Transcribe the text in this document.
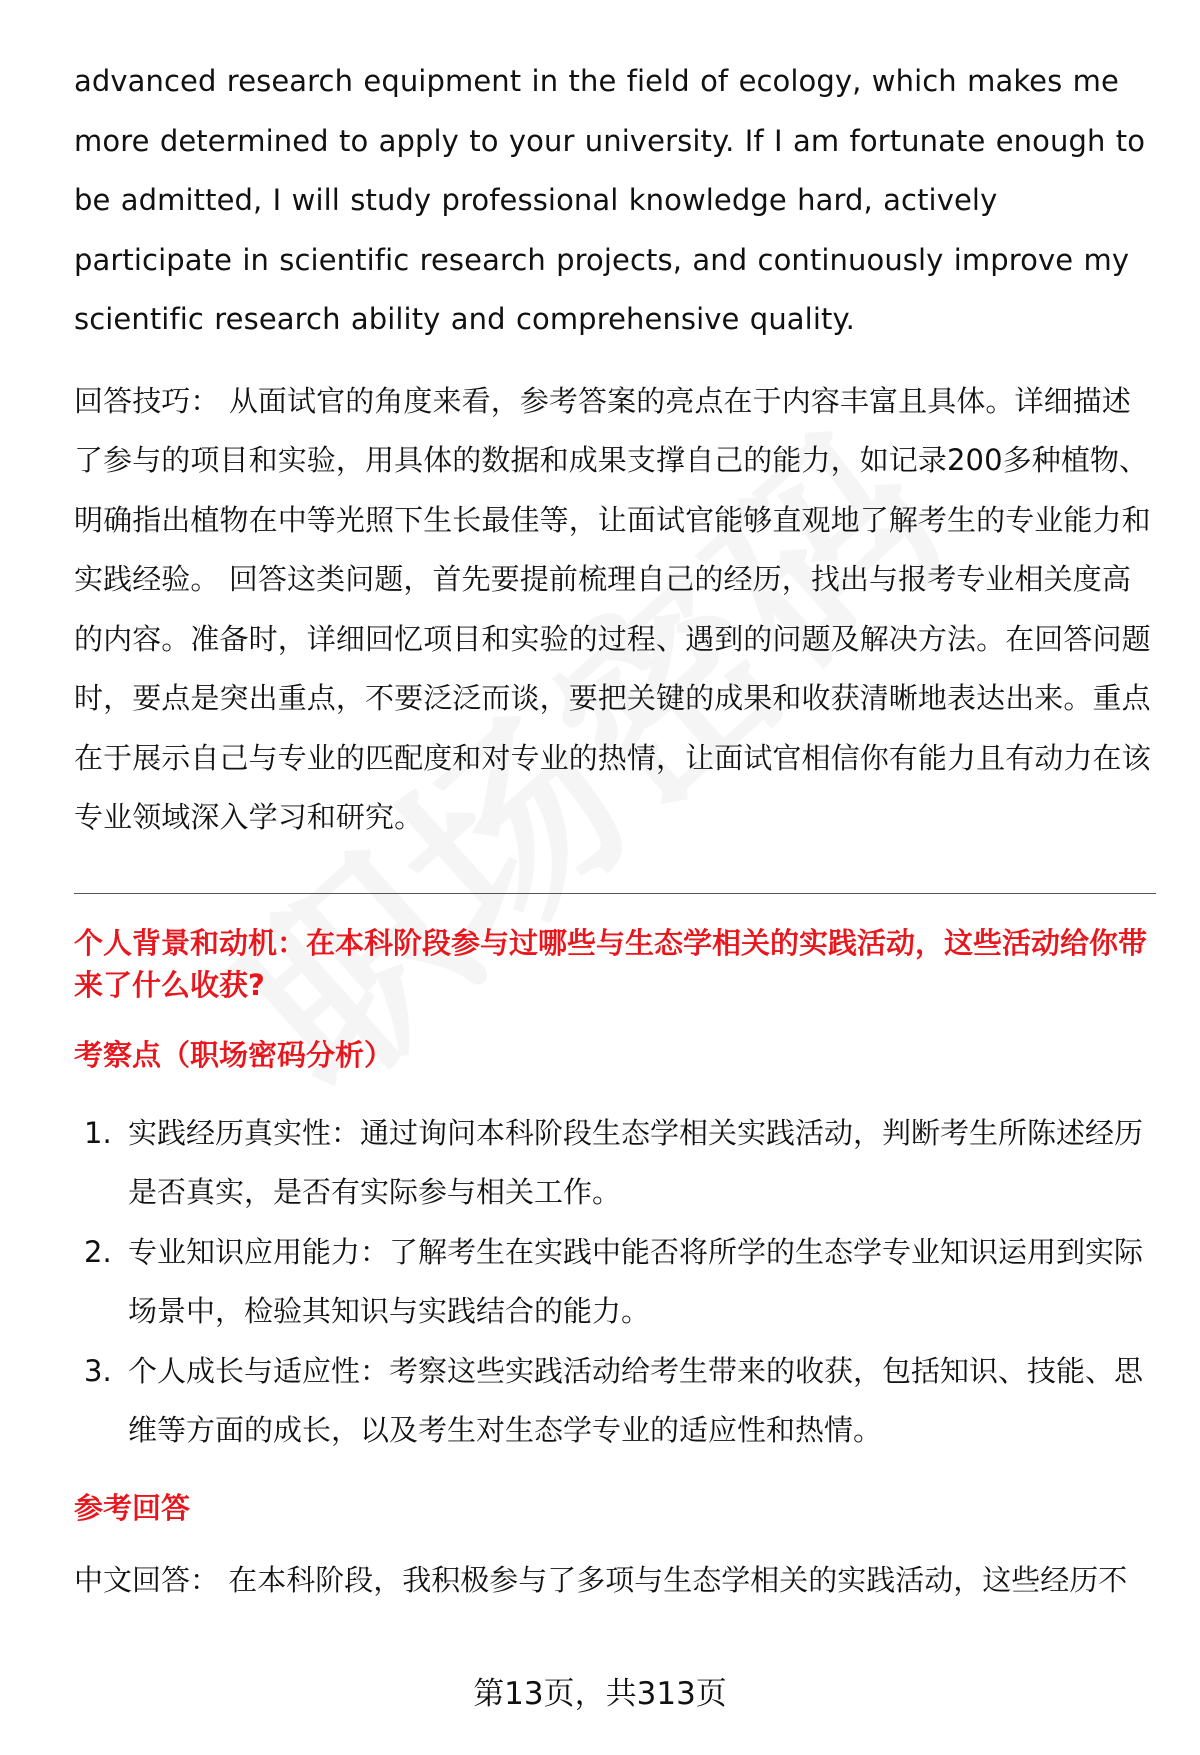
advanced research equipment in the field of ecology, which makes me more determined to apply to your university. If I am fortunate enough to be admitted, I will study professional knowledge hard, actively participate in scientific research projects, and continuously improve my scientific research ability and comprehensive quality.

回答技巧： 从面试官的角度来看，参考答案的亮点在于内容丰富且具体。详细描述了参与的项目和实验，用具体的数据和成果支撑自己的能力，如记录200多种植物、明确指出植物在中等光照下生长最佳等，让面试官能够直观地了解考生的专业能力和实践经验。 回答这类问题，首先要提前梳理自己的经历，找出与报考专业相关度高的内容。准备时，详细回忆项目和实验的过程、遇到的问题及解决方法。在回答问题时，要点是突出重点，不要泛泛而谈，要把关键的成果和收获清晰地表达出来。重点在于展示自己与专业的匹配度和对专业的热情，让面试官相信你有能力且有动力在该专业领域深入学习和研究。

个人背景和动机：在本科阶段参与过哪些与生态学相关的实践活动，这些活动给你带来了什么收获?

考察点（职场密码分析）

1. 实践经历真实性：通过询问本科阶段生态学相关实践活动，判断考生所陈述经历是否真实，是否有实际参与相关工作。
2. 专业知识应用能力：了解考生在实践中能否将所学的生态学专业知识运用到实际场景中，检验其知识与实践结合的能力。
3. 个人成长与适应性：考察这些实践活动给考生带来的收获，包括知识、技能、思维等方面的成长，以及考生对生态学专业的适应性和热情。

参考回答

中文回答： 在本科阶段，我积极参与了多项与生态学相关的实践活动，这些经历不

第13页，共313页
